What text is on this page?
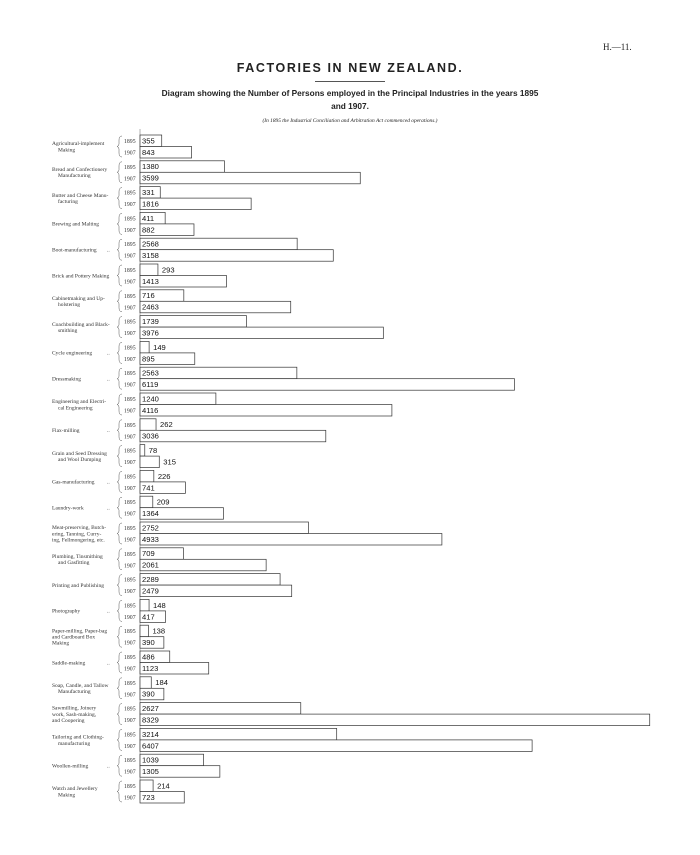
H.—11.
FACTORIES IN NEW ZEALAND.
Diagram showing the Number of Persons employed in the Principal Industries in the years 1895 and 1907.
(In 1895 the Industrial Conciliation and Arbitration Act commenced operations.)
Agricultural-implement Making
1895 355
1907 843
Bread and Confectionery Manufacturing
1895 1380
1907 3599
Butter and Cheese Manu-facturing
1895 331
1907 1816
Brewing and Malting
1895 411
1907 882
Boot-manufacturing ..
1895 2568
1907 3158
Brick and Pottery Making
1895	293
1907 1413
Cabinetmaking and Up-holstering
1895 716
1907 2463
Coachbuilding and Black-smithing
1895 1739
1907 3976
Cycle engineering	..
1895 149
1907 895
Dressmaking	..
1895 2563
1907 6119
Engineering and Electri-cal Engineering
1895 1240
1907 4116
Flax-milling	..
1895	262
1907 3036
Grain and Seed Dressing and Wool Dumping
1895 78
1907	315
Gas-manufacturing ..
1895	226
1907 741
Laundry-work	..
1895	209
1907 1364
Meat-preserving, Butch-ering, Tanning, Curry-ing, Fellmongering, etc.
1895 2752
1907 4933
Plumbing, Tinsmithing and Gasfitting
1895 709
1907 2061
Printing and Publishing
1895 2289
1907 2479
Photography	..
1895 148
1907 417
Paper-milling, Paper-bag and Cardboard Box Making
1895 138
1907 390
Saddle-making	..
1895 486
1907 1123
Soap, Candle, and Tallow Manufacturing
1895	184
1907 390
Sawmilling, Joinery work, Sash-making, and Coopering
1895 2627
1907 8329
Tailoring and Clothing-manufacturing
1895 3214
1907 6407
Woollen-milling	..
1895 1039
1907 1305
Watch and Jewellery Making
1895	214
1907 723
